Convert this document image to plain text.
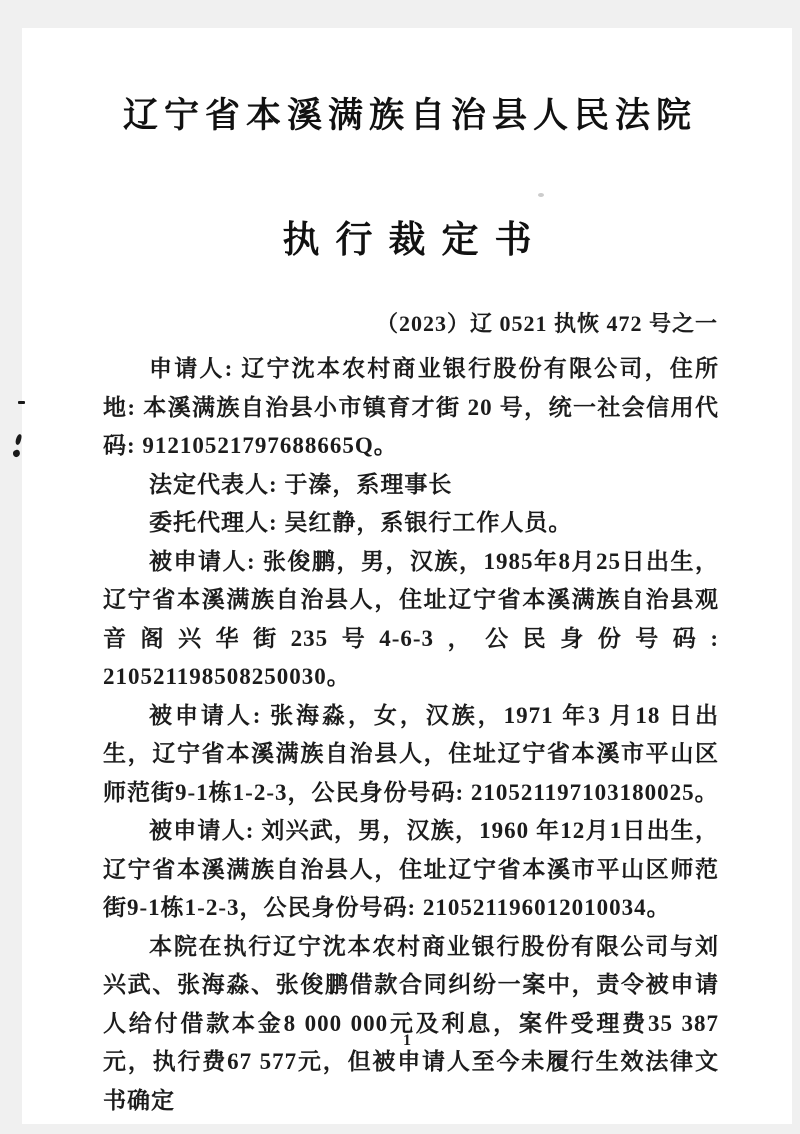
辽宁省本溪满族自治县人民法院
执行裁定书
（2023）辽 0521 执恢 472 号之一

申请人: 辽宁沈本农村商业银行股份有限公司，住所地: 本溪满族自治县小市镇育才街 20 号，统一社会信用代码: 91210521797688665Q。

法定代表人: 于溱，系理事长

委托代理人: 吴红静，系银行工作人员。

被申请人: 张俊鹏，男，汉族，1985年8月25日出生，辽宁省本溪满族自治县人，住址辽宁省本溪满族自治县观音阁兴华街235号4-6-3，公民身份号码: 210521198508250030。

被申请人: 张海淼，女，汉族，1971 年3 月18 日出生，辽宁省本溪满族自治县人，住址辽宁省本溪市平山区师范街9-1栋1-2-3，公民身份号码: 210521197103180025。

被申请人: 刘兴武，男，汉族，1960 年12月1日出生，辽宁省本溪满族自治县人，住址辽宁省本溪市平山区师范街9-1栋1-2-3，公民身份号码: 210521196012010034。

本院在执行辽宁沈本农村商业银行股份有限公司与刘兴武、张海淼、张俊鹏借款合同纠纷一案中，责令被申请人给付借款本金8 000 000元及利息，案件受理费35 387元，执行费67 577元，但被申请人至今未履行生效法律文书确定

1
